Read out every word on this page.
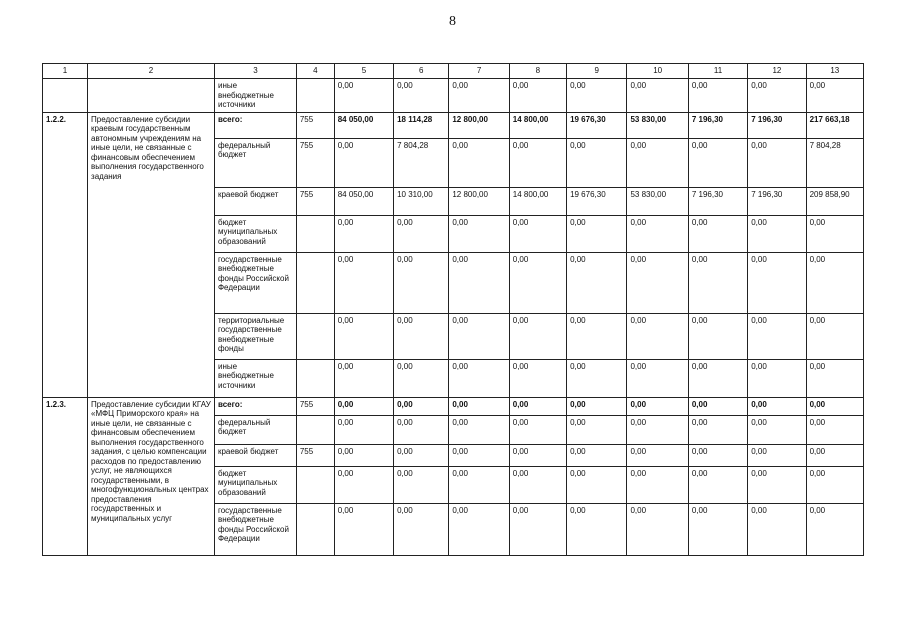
8
1	2	3	4	5	6	7	8	9	10	11	12	13
		иные внебюджетные источники		0,00	0,00	0,00	0,00	0,00	0,00	0,00	0,00	0,00
1.2.2.	Предоставление субсидии краевым государственным автономным учреждениям на иные цели, не связанные с финансовым обеспечением выполнения государственного задания	всего:	755	84 050,00	18 114,28	12 800,00	14 800,00	19 676,30	53 830,00	7 196,30	7 196,30	217 663,18
		федеральный бюджет	755	0,00	7 804,28	0,00	0,00	0,00	0,00	0,00	0,00	7 804,28
		краевой бюджет	755	84 050,00	10 310,00	12 800,00	14 800,00	19 676,30	53 830,00	7 196,30	7 196,30	209 858,90
		бюджет муниципальных образований		0,00	0,00	0,00	0,00	0,00	0,00	0,00	0,00	0,00
		государственные внебюджетные фонды Российской Федерации		0,00	0,00	0,00	0,00	0,00	0,00	0,00	0,00	0,00
		территориальные государственные внебюджетные фонды		0,00	0,00	0,00	0,00	0,00	0,00	0,00	0,00	0,00
		иные внебюджетные источники		0,00	0,00	0,00	0,00	0,00	0,00	0,00	0,00	0,00
1.2.3.	Предоставление субсидии КГАУ «МФЦ Приморского края» на иные цели, не связанные с финансовым обеспечением выполнения государственного задания, с целью компенсации расходов по предоставлению услуг, не являющихся государственными, в многофункциональных центрах предоставления государственных и муниципальных услуг	всего:	755	0,00	0,00	0,00	0,00	0,00	0,00	0,00	0,00	0,00
		федеральный бюджет		0,00	0,00	0,00	0,00	0,00	0,00	0,00	0,00	0,00
		краевой бюджет	755	0,00	0,00	0,00	0,00	0,00	0,00	0,00	0,00	0,00
		бюджет муниципальных образований		0,00	0,00	0,00	0,00	0,00	0,00	0,00	0,00	0,00
		государственные внебюджетные фонды Российской Федерации		0,00	0,00	0,00	0,00	0,00	0,00	0,00	0,00	0,00
